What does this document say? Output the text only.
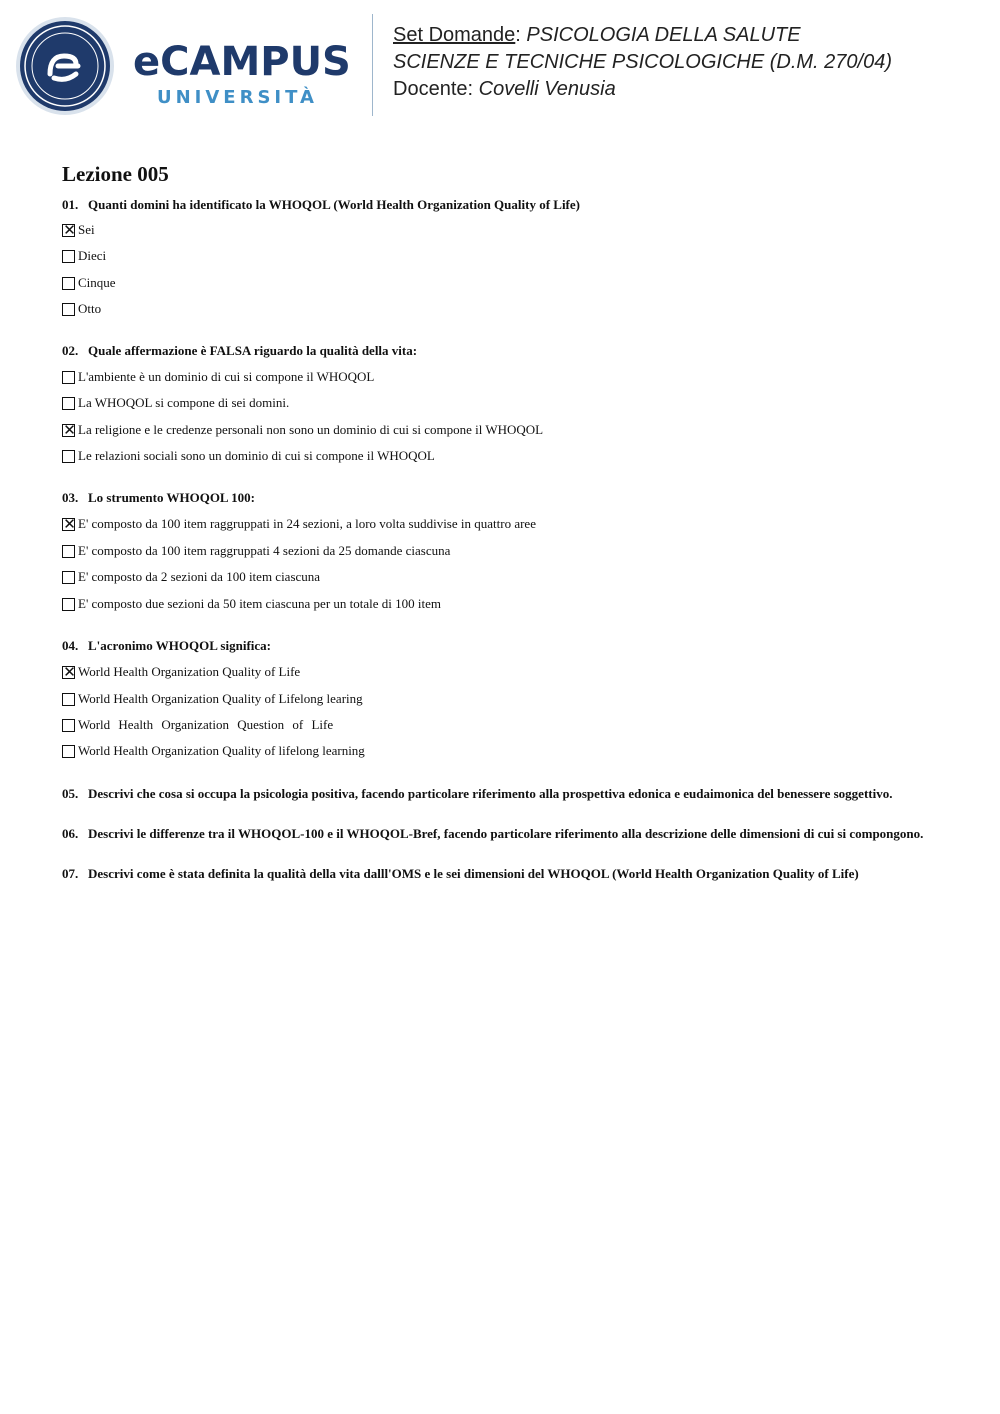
eCAMPUS
UNIVERSITÀ
Set Domande: PSICOLOGIA DELLA SALUTE
SCIENZE E TECNICHE PSICOLOGICHE (D.M. 270/04)
Docente: Covelli Venusia
Lezione 005
01. Quanti domini ha identificato la WHOQOL (World Health Organization Quality of Life)
✕ Sei
Dieci
Cinque
Otto
02. Quale affermazione è FALSA riguardo la qualità della vita:
L'ambiente è un dominio di cui si compone il WHOQOL
La WHOQOL si compone di sei domini.
✕ La religione e le credenze personali non sono un dominio di cui si compone il WHOQOL
Le relazioni sociali sono un dominio di cui si compone il WHOQOL
03. Lo strumento WHOQOL 100:
✕ E' composto da 100 item raggruppati in 24 sezioni, a loro volta suddivise in quattro aree
E' composto da 100 item raggruppati 4 sezioni da 25 domande ciascuna
E' composto da 2 sezioni da 100 item ciascuna
E' composto due sezioni da 50 item ciascuna per un totale di 100 item
04. L'acronimo WHOQOL significa:
✕ World Health Organization Quality of Life
World Health Organization Quality of Lifelong learing
World Health Organization Question of Life
World Health Organization Quality of lifelong learning
05. Descrivi che cosa si occupa la psicologia positiva, facendo particolare riferimento alla prospettiva edonica e eudaimonica del benessere soggettivo.
06. Descrivi le differenze tra il WHOQOL-100 e il WHOQOL-Bref, facendo particolare riferimento alla descrizione delle dimensioni di cui si compongono.
07. Descrivi come è stata definita la qualità della vita dalll'OMS e le sei dimensioni del WHOQOL (World Health Organization Quality of Life)
